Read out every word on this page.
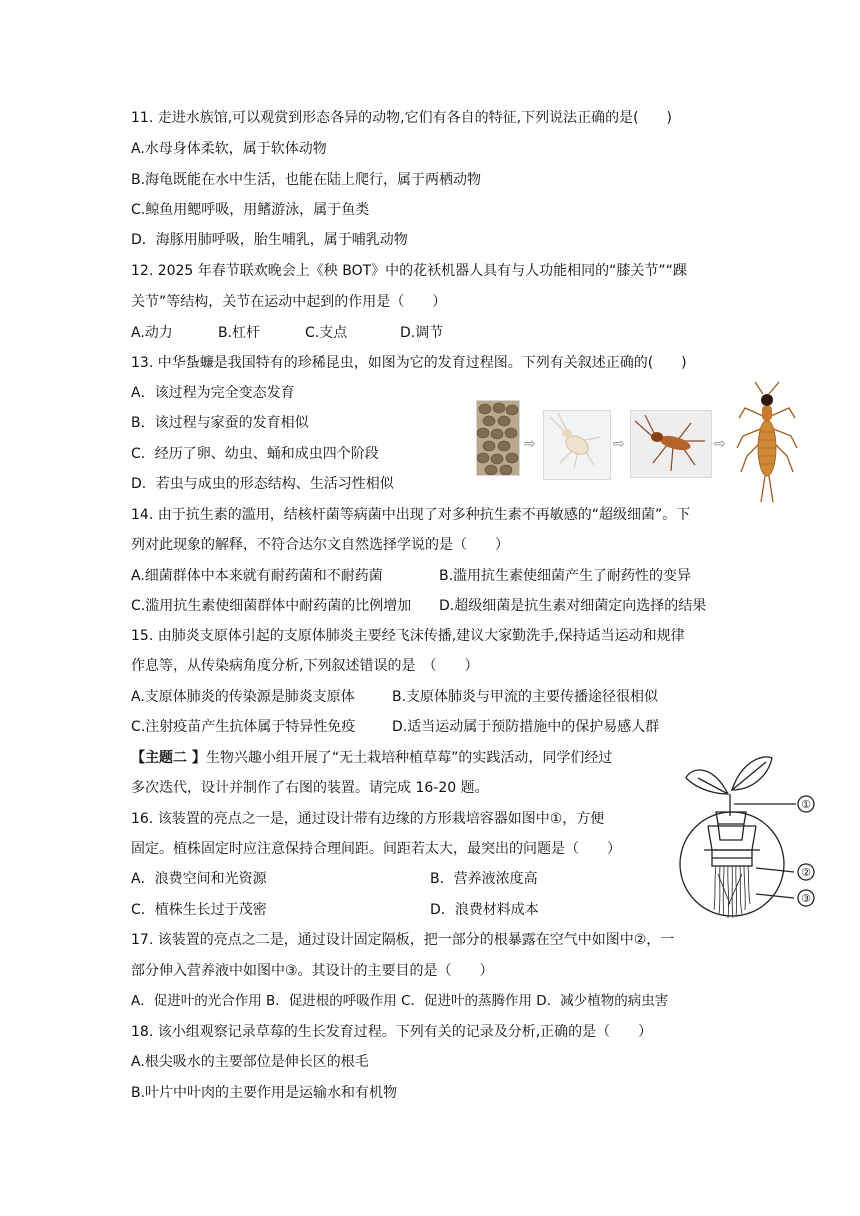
11. 走进水族馆,可以观赏到形态各异的动物,它们有各自的特征,下列说法正确的是(　　)
A.水母身体柔软，属于软体动物
B.海龟既能在水中生活，也能在陆上爬行，属于两栖动物
C.鲸鱼用鳃呼吸，用鳍游泳，属于鱼类
D．海豚用肺呼吸，胎生哺乳，属于哺乳动物
12. 2025 年春节联欢晚会上《秧 BOT》中的花袄机器人具有与人功能相同的“膝关节”“踝
关节”等结构，关节在运动中起到的作用是（　　）
A.动力	B.杠杆	C.支点	D.调节
13. 中华蚻蠊是我国特有的珍稀昆虫，如图为它的发育过程图。下列有关叙述正确的(　　)
A．该过程为完全变态发育
B．该过程与家蚕的发育相似
C．经历了卵、幼虫、蛹和成虫四个阶段
D．若虫与成虫的形态结构、生活习性相似
⇨	⇨	⇨
14. 由于抗生素的滥用，结核杆菌等病菌中出现了对多种抗生素不再敏感的“超级细菌”。下
列对此现象的解释，不符合达尔文自然选择学说的是（　　）
A.细菌群体中本来就有耐药菌和不耐药菌	B.滥用抗生素使细菌产生了耐药性的变异
C.滥用抗生素使细菌群体中耐药菌的比例增加 D.超级细菌是抗生素对细菌定向选择的结果
15. 由肺炎支原体引起的支原体肺炎主要经飞沫传播,建议大家勤洗手,保持适当运动和规律
作息等，从传染病角度分析,下列叙述错误的是　（　　）
A.支原体肺炎的传染源是肺炎支原体	B.支原体肺炎与甲流的主要传播途径很相似
C.注射疫苗产生抗体属于特异性免疫	D.适当运动属于预防措施中的保护易感人群
【主题二 】生物兴趣小组开展了“无土栽培种植草莓”的实践活动，同学们经过
多次迭代，设计并制作了右图的装置。请完成 16-20 题。
16. 该装置的亮点之一是，通过设计带有边缘的方形栽培容器如图中①，方便
固定。植株固定时应注意保持合理间距。间距若太大，最突出的问题是（　　）
A．浪费空间和光资源	B．营养液浓度高
C．植株生长过于茂密	D．浪费材料成本
①
②
③
17. 该装置的亮点之二是，通过设计固定隔板，把一部分的根暴露在空气中如图中②，一
部分伸入营养液中如图中③。其设计的主要目的是（　　）
A．促进叶的光合作用 B．促进根的呼吸作用 C．促进叶的蒸腾作用 D．减少植物的病虫害
18. 该小组观察记录草莓的生长发育过程。下列有关的记录及分析,正确的是（　　）
A.根尖吸水的主要部位是伸长区的根毛
B.叶片中叶肉的主要作用是运输水和有机物
